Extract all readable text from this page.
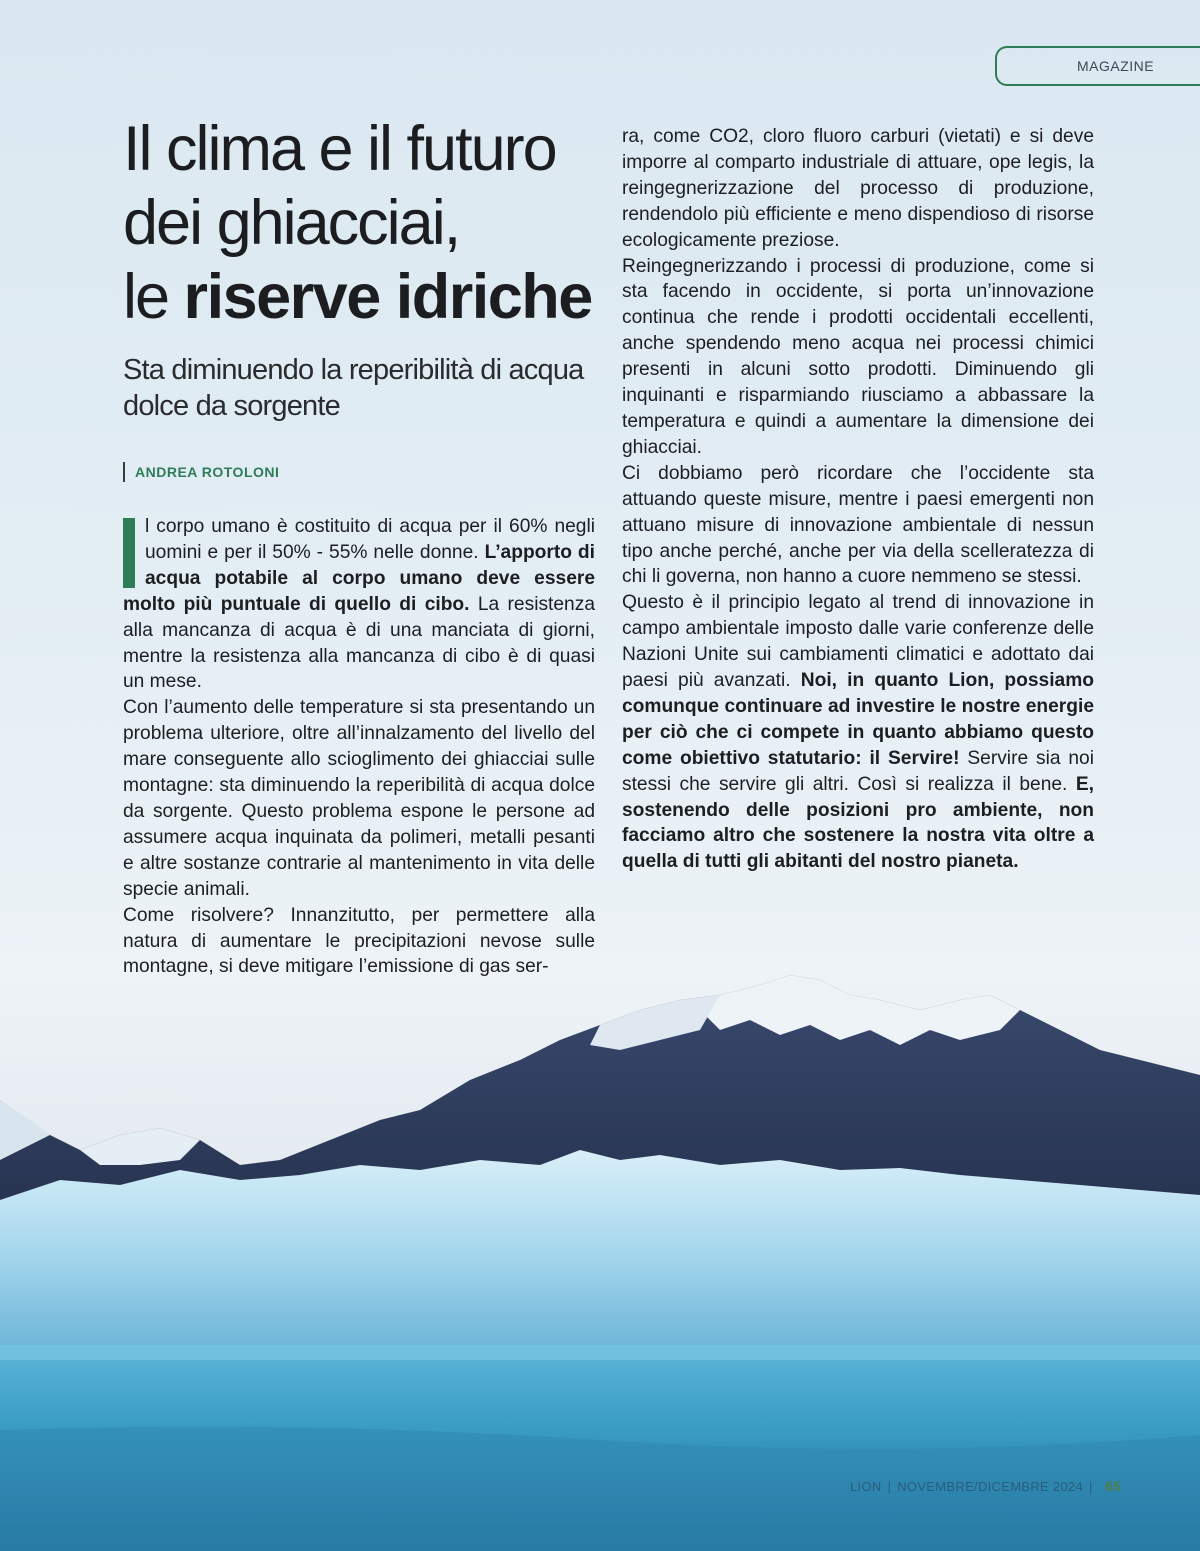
MAGAZINE
Il clima e il futuro
dei ghiacciai,
le riserve idriche

Sta diminuendo la reperibilità di acqua dolce da sorgente

ANDREA ROTOLONI

l corpo umano è costituito di acqua per il 60% negli uomini e per il 50% - 55% nelle donne. L’apporto di acqua potabile al corpo umano deve essere molto più puntuale di quello di cibo. La resistenza alla mancanza di acqua è di una manciata di giorni, mentre la resistenza alla mancanza di cibo è di quasi un mese.

Con l’aumento delle temperature si sta presentando un problema ulteriore, oltre all’innalzamento del livello del mare conseguente allo scioglimento dei ghiacciai sulle montagne: sta diminuendo la reperibilità di acqua dolce da sorgente. Questo problema espone le persone ad assumere acqua inquinata da polimeri, metalli pesanti e altre sostanze contrarie al mantenimento in vita delle specie animali.

Come risolvere? Innanzitutto, per permettere alla natura di aumentare le precipitazioni nevose sulle montagne, si deve mitigare l’emissione di gas ser-

ra, come CO2, cloro fluoro carburi (vietati) e si deve imporre al comparto industriale di attuare, ope legis, la reingegnerizzazione del processo di produzione, rendendolo più efficiente e meno dispendioso di risorse ecologicamente preziose.

Reingegnerizzando i processi di produzione, come si sta facendo in occidente, si porta un’innovazione continua che rende i prodotti occidentali eccellenti, anche spendendo meno acqua nei processi chimici presenti in alcuni sotto prodotti. Diminuendo gli inquinanti e risparmiando riusciamo a abbassare la temperatura e quindi a aumentare la dimensione dei ghiacciai.

Ci dobbiamo però ricordare che l’occidente sta attuando queste misure, mentre i paesi emergenti non attuano misure di innovazione ambientale di nessun tipo anche perché, anche per via della scelleratezza di chi li governa, non hanno a cuore nemmeno se stessi.

Questo è il principio legato al trend di innovazione in campo ambientale imposto dalle varie conferenze delle Nazioni Unite sui cambiamenti climatici e adottato dai paesi più avanzati. Noi, in quanto Lion, possiamo comunque continuare ad investire le nostre energie per ciò che ci compete in quanto abbiamo questo come obiettivo statutario: il Servire! Servire sia noi stessi che servire gli altri. Così si realizza il bene. E, sostenendo delle posizioni pro ambiente, non facciamo altro che sostenere la nostra vita oltre a quella di tutti gli abitanti del nostro pianeta.

LION | NOVEMBRE/DICEMBRE 2024 | 65
